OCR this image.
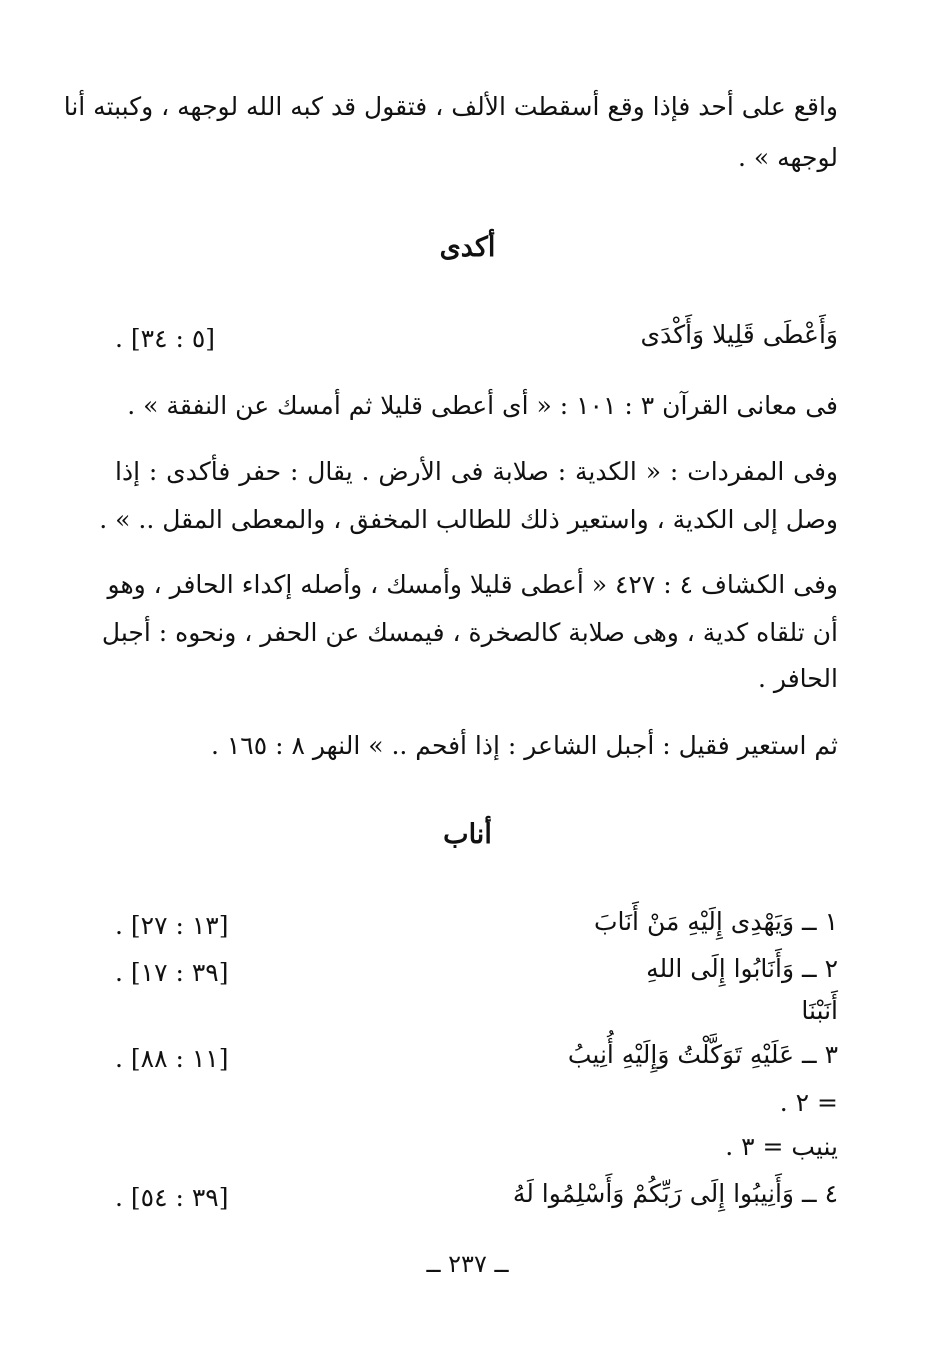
واقع على أحد فإذا وقع أسقطت الألف ، فتقول قد كبه الله لوجهه ، وكببته أنا
لوجهه » .
أكدى
وَأَعْطَى قَلِيلا وَأَكْدَى
[٥ : ٣٤] .
فى معانى القرآن ٣ : ١٠١ : « أى أعطى قليلا ثم أمسك عن النفقة » .
وفى المفردات : « الكدية : صلابة فى الأرض . يقال : حفر فأكدى : إذا
وصل إلى الكدية ، واستعير ذلك للطالب المخفق ، والمعطى المقل .. » .
وفى الكشاف ٤ : ٤٢٧ « أعطى قليلا وأمسك ، وأصله إكداء الحافر ، وهو
أن تلقاه كدية ، وهى صلابة كالصخرة ، فيمسك عن الحفر ، ونحوه : أجبل
الحافر .
ثم استعير فقيل : أجبل الشاعر : إذا أفحم .. » النهر ٨ : ١٦٥ .
أناب
١ ــ وَيَهْدِى إِلَيْهِ مَنْ أَنَابَ
[١٣ : ٢٧] .
٢ ــ وَأَنَابُوا إِلَى اللهِ
[٣٩ : ١٧] .
أَنَبْنَا
٣ ــ عَلَيْهِ تَوَكَّلْتُ وَإِلَيْهِ أُنِيبُ
[١١ : ٨٨] .
= ٢ .
ينيب = ٣ .
٤ ــ وَأَنِيبُوا إِلَى رَبِّكُمْ وَأَسْلِمُوا لَهُ
[٣٩ : ٥٤] .
ــ ٢٣٧ ــ
